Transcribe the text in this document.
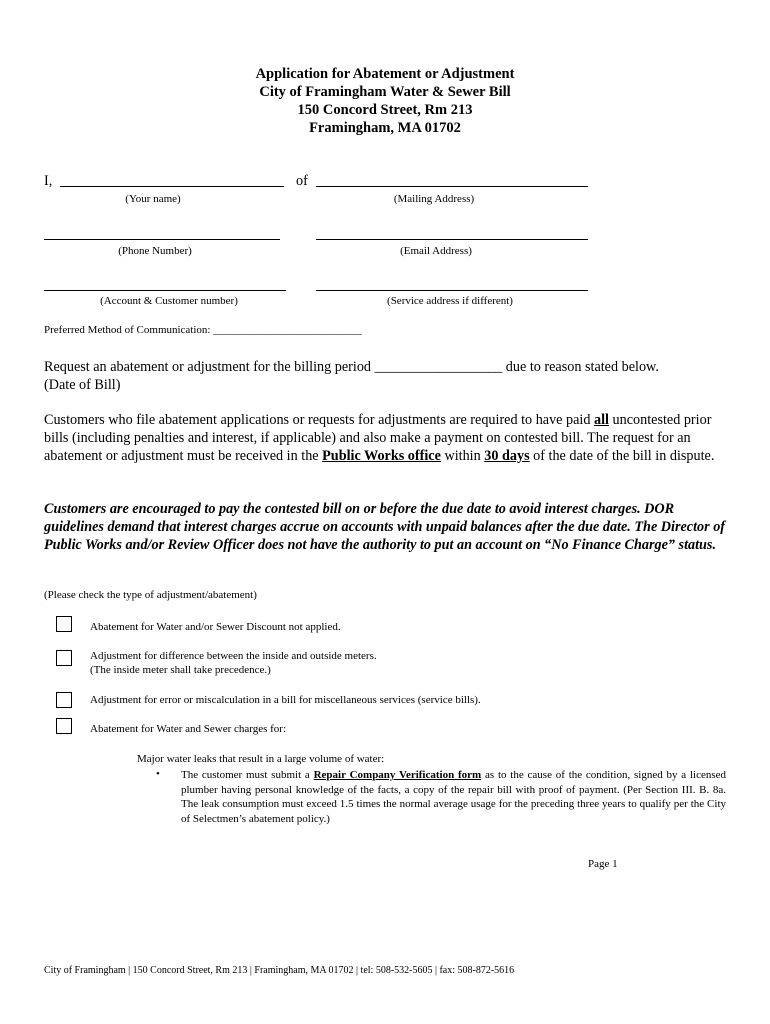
Application for Abatement or Adjustment
City of Framingham Water & Sewer Bill
150 Concord Street, Rm 213
Framingham, MA 01702
I,	of
(Your name)	(Mailing Address)
(Phone Number)	(Email Address)
(Account & Customer number)	(Service address if different)
Preferred Method of Communication: ___________________________
Request an abatement or adjustment for the billing period __________________ due to reason stated below.
(Date of Bill)
Customers who file abatement applications or requests for adjustments are required to have paid all uncontested prior bills (including penalties and interest, if applicable) and also make a payment on contested bill. The request for an abatement or adjustment must be received in the Public Works office within 30 days of the date of the bill in dispute.
Customers are encouraged to pay the contested bill on or before the due date to avoid interest charges. DOR guidelines demand that interest charges accrue on accounts with unpaid balances after the due date. The Director of Public Works and/or Review Officer does not have the authority to put an account on “No Finance Charge” status.
(Please check the type of adjustment/abatement)
Abatement for Water and/or Sewer Discount not applied.
Adjustment for difference between the inside and outside meters.
(The inside meter shall take precedence.)
Adjustment for error or miscalculation in a bill for miscellaneous services (service bills).
Abatement for Water and Sewer charges for:
Major water leaks that result in a large volume of water:
•	The customer must submit a Repair Company Verification form as to the cause of the condition, signed by a licensed plumber having personal knowledge of the facts, a copy of the repair bill with proof of payment. (Per Section III. B. 8a. The leak consumption must exceed 1.5 times the normal average usage for the preceding three years to qualify per the City of Selectmen’s abatement policy.)
Page 1
City of Framingham | 150 Concord Street, Rm 213 | Framingham, MA 01702 | tel: 508-532-5605 | fax: 508-872-5616
